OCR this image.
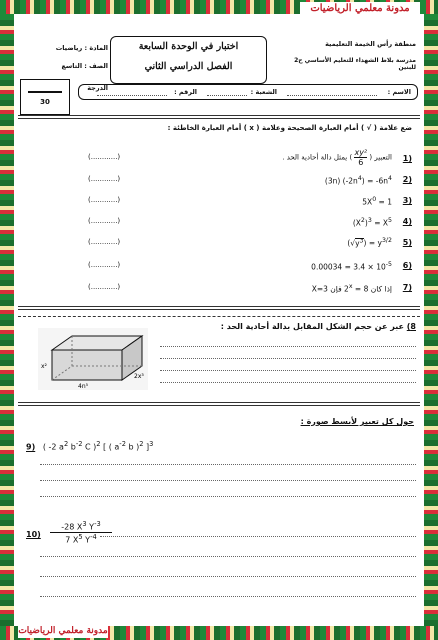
مدونة معلمي الرياضيات
مدونة معلمي الرياضيات
منطقة رأس الخيمة التعليمية
مدرسة بلاط الشهداء للتعليم الأساسي ح2 للبنين
المادة : رياضيات
الصف : التاسع
اختبار في الوحدة السابعة
الفصل الدراسي الثاني
30
الدرجة	الاسم :
الشعبة :
الرقم :
ضع علامة ( √ ) أمام العبارة الصحيحة وعلامة ( x ) أمام العبارة الخاطئة :
1)
التعبير (
$\frac{\text{xy²}}{6}$
) يمثل دالة أحادية الحد .
(............)
2)
(3n) $(-2n^4) = -6n^4$
(............)
3)
$5X^0 = 1$
(............)
4)
$(X^2)^3 = X^5$
(............)
5)
$(√y^3) = y^{3/2}$
(............)
6)
$0.00034 = 3.4 \times 10^{-5}$
(............)
7)
إذا كان $2^x = 8$ فإن X=3
(............)
8) عبر عن حجم الشكل المقابل بدالة أحادية الحد :
x²
4n⁵
2x³
حول كل تعبير لأبسط صورة :
9)   ( -2 $a^2$ $b^{-2}$ C )$^2$ [ ( $a^{-2}$ b )$^2$ ]$^3$
10)
-28 $X^3$ $Y^{-3}$
7 $X^5$ $Y^{-4}$
